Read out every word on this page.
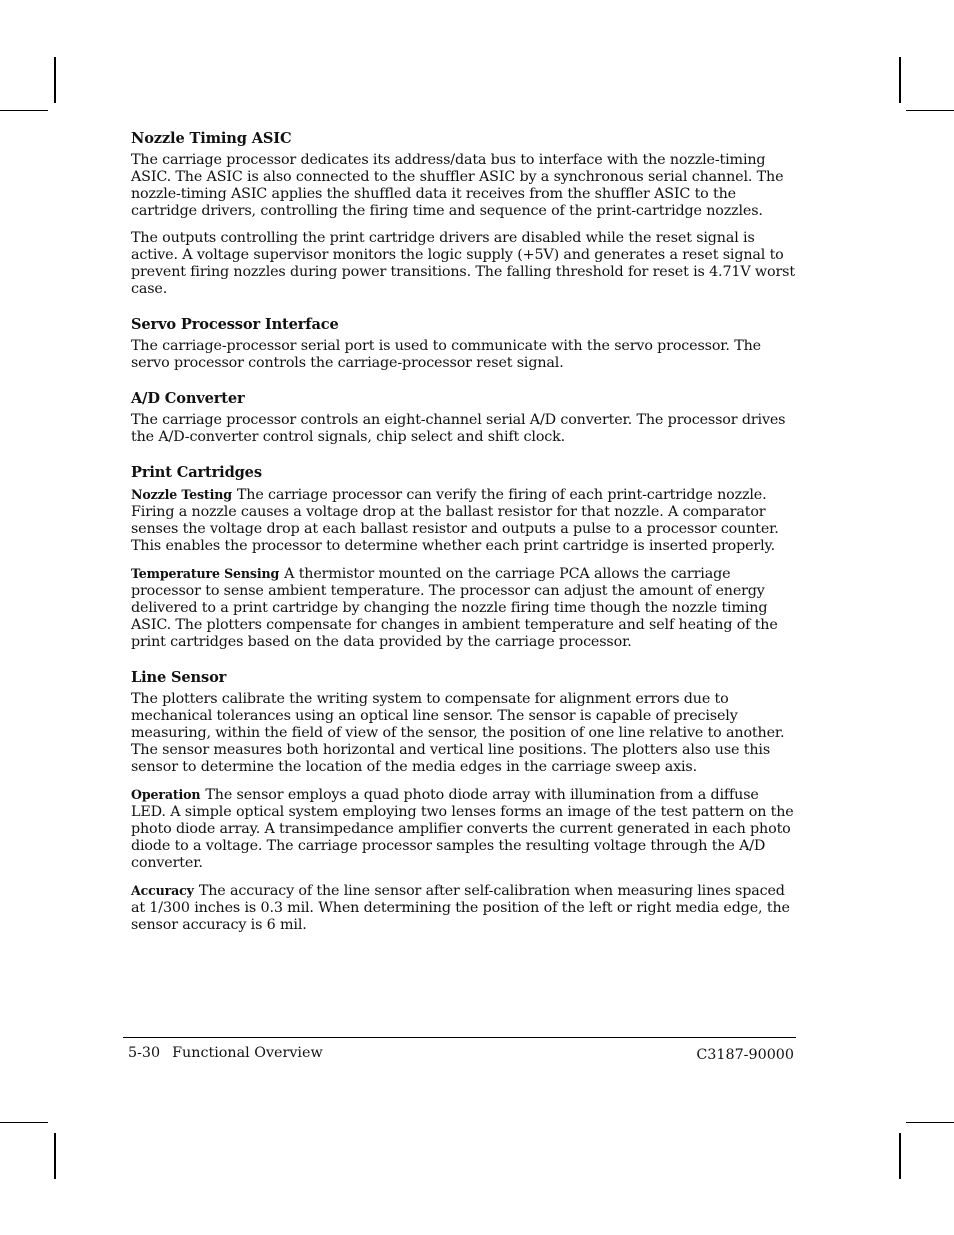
Nozzle Timing ASIC
The carriage processor dedicates its address/data bus to interface with the nozzle-timing ASIC. The ASIC is also connected to the shuffler ASIC by a synchronous serial channel. The nozzle-timing ASIC applies the shuffled data it receives from the shuffler ASIC to the cartridge drivers, controlling the firing time and sequence of the print-cartridge nozzles.
The outputs controlling the print cartridge drivers are disabled while the reset signal is active. A voltage supervisor monitors the logic supply (+5V) and generates a reset signal to prevent firing nozzles during power transitions. The falling threshold for reset is 4.71V worst case.
Servo Processor Interface
The carriage-processor serial port is used to communicate with the servo processor. The servo processor controls the carriage-processor reset signal.
A/D Converter
The carriage processor controls an eight-channel serial A/D converter. The processor drives the A/D-converter control signals, chip select and shift clock.
Print Cartridges
Nozzle Testing The carriage processor can verify the firing of each print-cartridge nozzle. Firing a nozzle causes a voltage drop at the ballast resistor for that nozzle. A comparator senses the voltage drop at each ballast resistor and outputs a pulse to a processor counter. This enables the processor to determine whether each print cartridge is inserted properly.
Temperature Sensing A thermistor mounted on the carriage PCA allows the carriage processor to sense ambient temperature. The processor can adjust the amount of energy delivered to a print cartridge by changing the nozzle firing time though the nozzle timing ASIC. The plotters compensate for changes in ambient temperature and self heating of the print cartridges based on the data provided by the carriage processor.
Line Sensor
The plotters calibrate the writing system to compensate for alignment errors due to mechanical tolerances using an optical line sensor. The sensor is capable of precisely measuring, within the field of view of the sensor, the position of one line relative to another. The sensor measures both horizontal and vertical line positions. The plotters also use this sensor to determine the location of the media edges in the carriage sweep axis.
Operation The sensor employs a quad photo diode array with illumination from a diffuse LED. A simple optical system employing two lenses forms an image of the test pattern on the photo diode array. A transimpedance amplifier converts the current generated in each photo diode to a voltage. The carriage processor samples the resulting voltage through the A/D converter.
Accuracy The accuracy of the line sensor after self-calibration when measuring lines spaced at 1/300 inches is 0.3 mil. When determining the position of the left or right media edge, the sensor accuracy is 6 mil.
5-30 Functional Overview	C3187-90000
